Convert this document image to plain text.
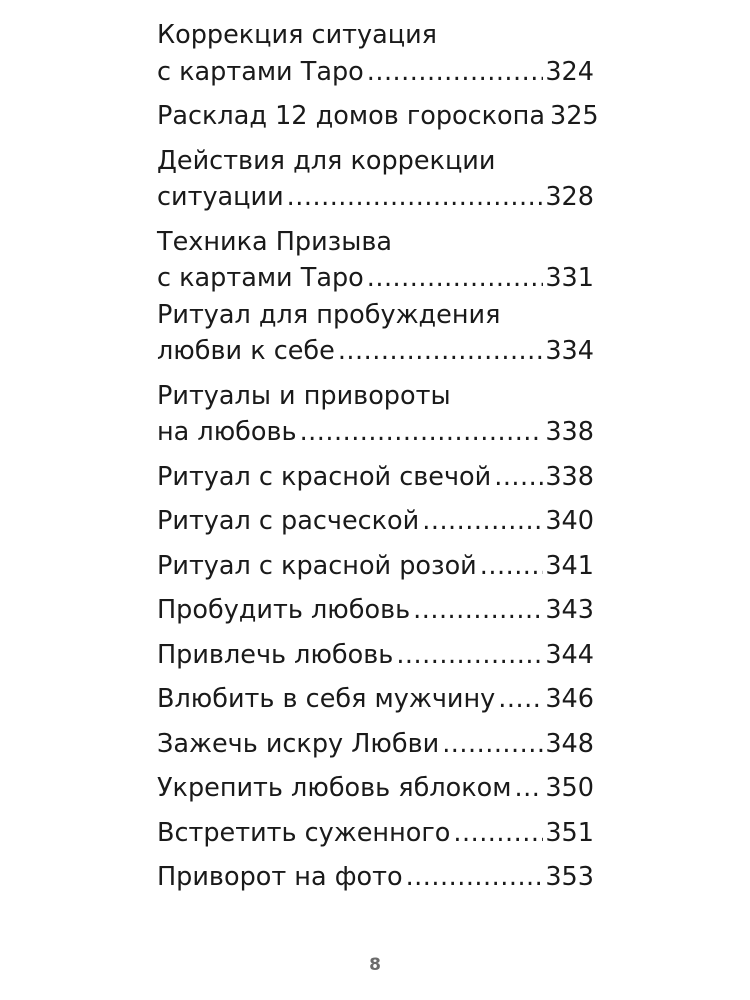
Коррекция ситуация
с картами Таро .....	324
Расклад 12 домов гороскопа 325
Действия для коррекции
ситуации .....	328
Техника Призыва
с картами Таро .....	331
Ритуал для пробуждения
любви к себе .....	334
Ритуалы и привороты
на любовь .....	338
Ритуал с красной свечой ..... 338
Ритуал с расческой .....	340
Ритуал с красной розой .....	341
Пробудить любовь .....	343
Привлечь любовь .....	344
Влюбить в себя мужчину ..... 346
Зажечь искру Любви .....	348
Укрепить любовь яблоком ..... 350
Встретить суженного .....	351
Приворот на фото .....	353
8
